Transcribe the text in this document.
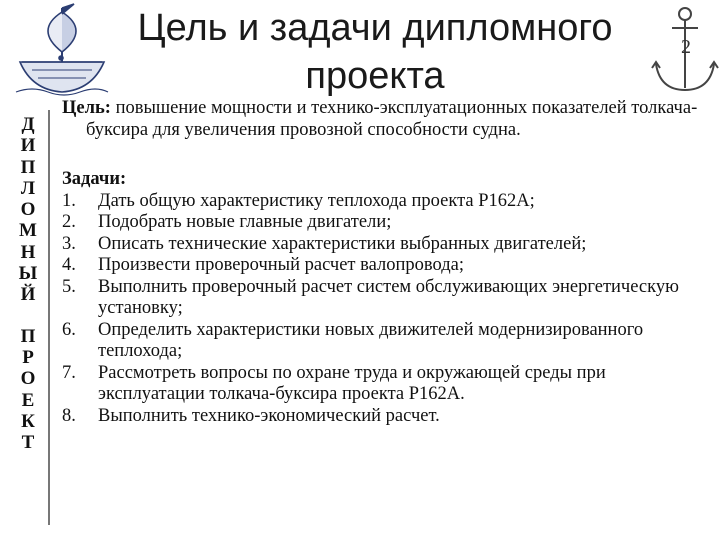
Цель и задачи дипломного проекта
2
Д
И
П
Л
О
М
Н
Ы
Й
П
Р
О
Е
К
Т

Цель: повышение мощности и технико-эксплуатационных показателей толкача-буксира для увеличения провозной способности судна.

Задачи:
1. Дать общую характеристику теплохода проекта Р162А;
2. Подобрать новые главные двигатели;
3. Описать технические характеристики выбранных двигателей;
4. Произвести проверочный расчет валопровода;
5. Выполнить проверочный расчет систем обслуживающих энергетическую установку;
6. Определить характеристики новых движителей модернизированного теплохода;
7. Рассмотреть вопросы по охране труда и окружающей среды при эксплуатации толкача-буксира проекта Р162А.
8. Выполнить технико-экономический расчет.
